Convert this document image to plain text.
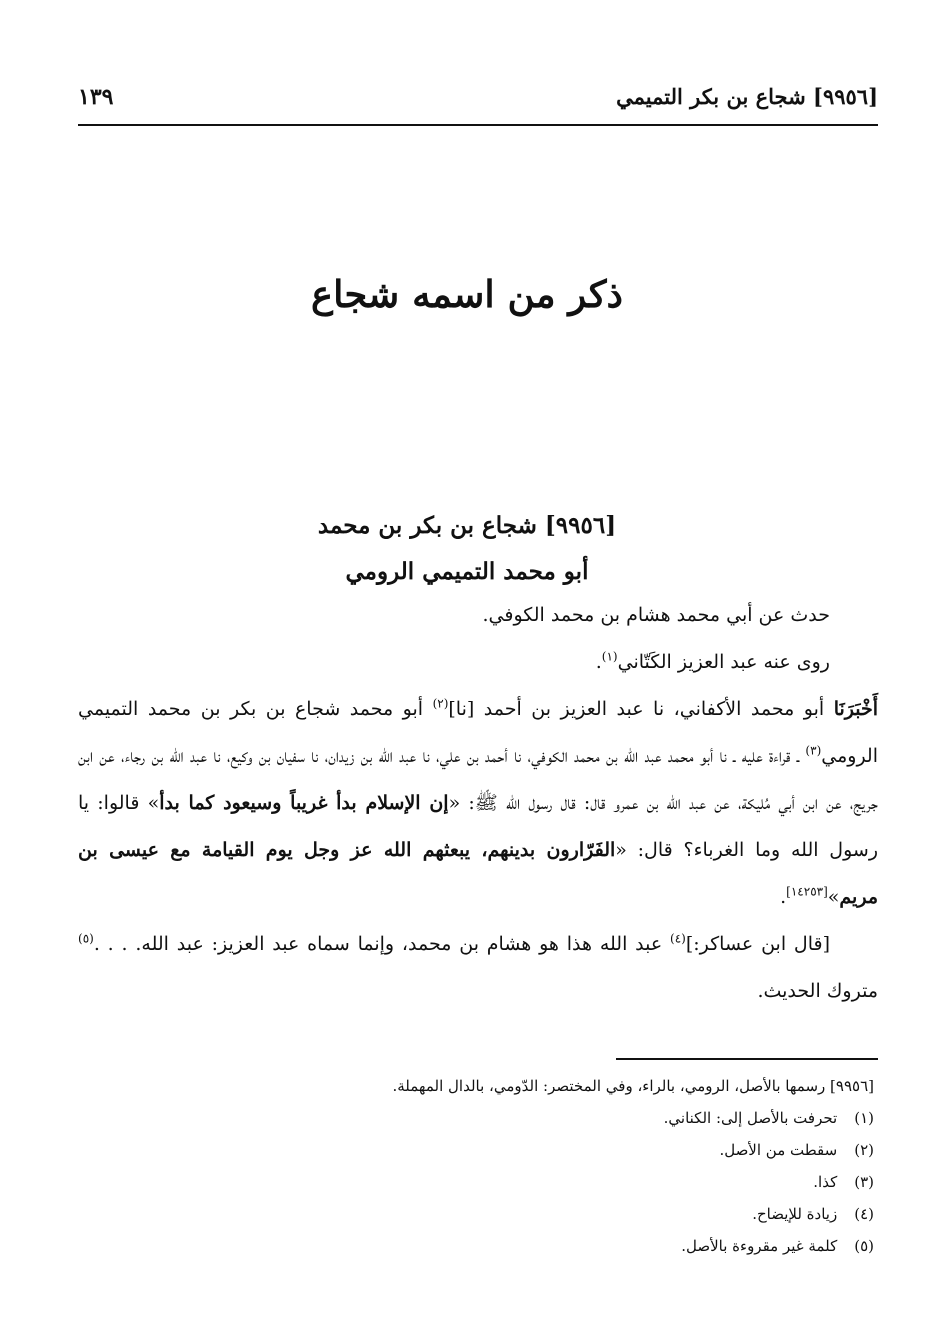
[٩٩٥٦] شجاع بن بكر التميمي
١٣٩
ذكر من اسمه شجاع
[٩٩٥٦] شجاع بن بكر بن محمد
أبو محمد التميمي الرومي

حدث عن أبي محمد هشام بن محمد الكوفي.

روى عنه عبد العزيز الكَتّاني$^{(١)}$.

أَخْبَرَنَا أبو محمد الأكفاني، نا عبد العزيز بن أحمد [نا]$^{(٢)}$ أبو محمد شجاع بن بكر بن محمد التميمي الرومي$^{(٣)}$ ـ قراءة عليه ـ نا أبو محمد عبد الله بن محمد الكوفي، نا أحمد بن علي، نا عبد الله بن زيدان، نا سفيان بن وكيع، نا عبد الله بن رجاء، عن ابن جريج، عن ابن أبي مُليكة، عن عبد الله بن عمرو قال: قال رسول الله ﷺ: «إن الإسلام بدأ غريباً وسيعود كما بدأ» قالوا: يا رسول الله وما الغرباء؟ قال: «الفَرّارون بدينهم، يبعثهم الله عز وجل يوم القيامة مع عيسى بن مريم»[١٤٢٥٣].

[قال ابن عساكر:]$^{(٤)}$ عبد الله هذا هو هشام بن محمد، وإنما سماه عبد العزيز: عبد الله. . . .$^{(٥)}$ متروك الحديث.

[٩٩٥٦] رسمها بالأصل، الرومي، بالراء، وفي المختصر: الدّومي، بالدال المهملة.
(١) تحرفت بالأصل إلى: الكناني.
(٢) سقطت من الأصل.
(٣) كذا.
(٤) زيادة للإيضاح.
(٥) كلمة غير مقروءة بالأصل.
